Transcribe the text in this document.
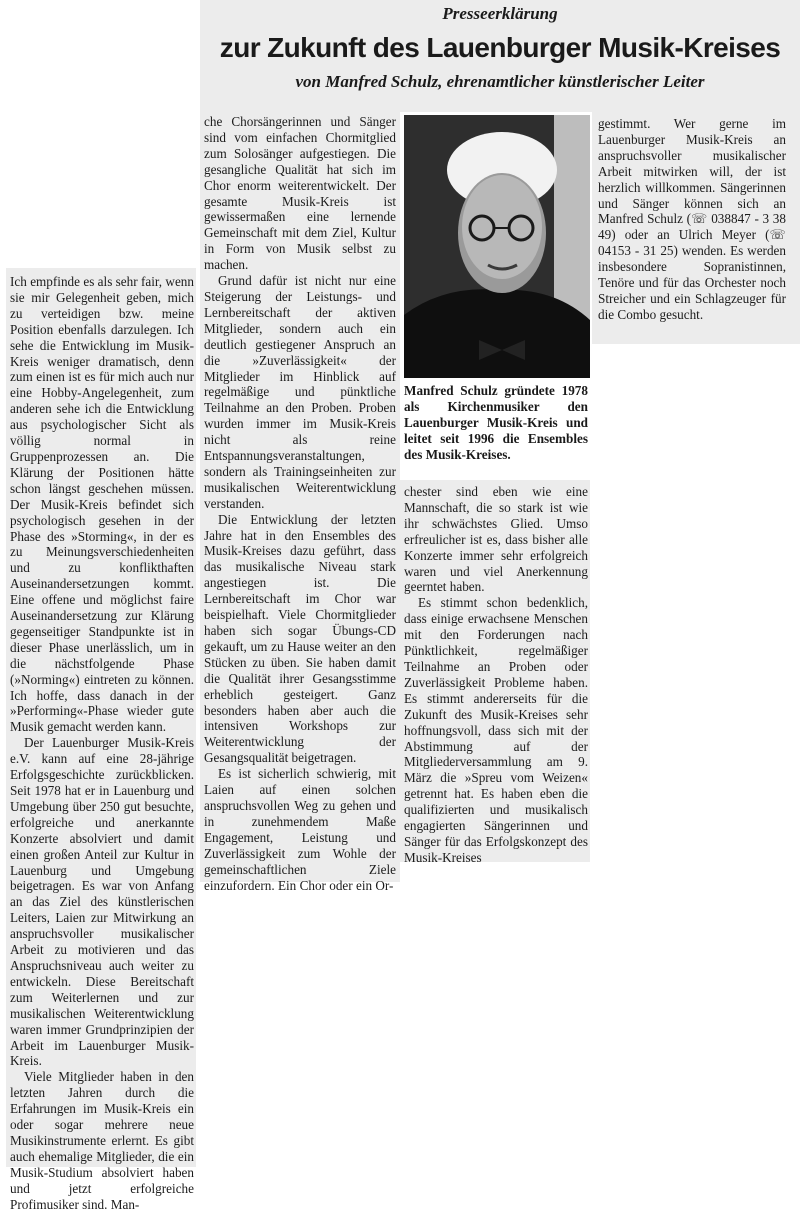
Presseerklärung
zur Zukunft des Lauenburger Musik-Kreises
von Manfred Schulz, ehrenamtlicher künstlerischer Leiter

Ich empfinde es als sehr fair, wenn sie mir Gelegenheit geben, mich zu verteidigen bzw. meine Position ebenfalls darzulegen. Ich sehe die Entwicklung im Musik-Kreis weniger dramatisch, denn zum einen ist es für mich auch nur eine Hobby-Angelegenheit, zum anderen sehe ich die Entwicklung aus psychologischer Sicht als völlig normal in Gruppenprozessen an. Die Klärung der Positionen hätte schon längst geschehen müssen. Der Musik-Kreis befindet sich psychologisch gesehen in der Phase des »Storming«, in der es zu Meinungsverschiedenheiten und zu konflikthaften Auseinandersetzungen kommt. Eine offene und möglichst faire Auseinandersetzung zur Klärung gegenseitiger Standpunkte ist in dieser Phase unerlässlich, um in die nächstfolgende Phase (»Norming«) eintreten zu können. Ich hoffe, dass danach in der »Performing«-Phase wieder gute Musik gemacht werden kann.

Der Lauenburger Musik-Kreis e.V. kann auf eine 28-jährige Erfolgsgeschichte zurückblicken. Seit 1978 hat er in Lauenburg und Umgebung über 250 gut besuchte, erfolgreiche und anerkannte Konzerte absolviert und damit einen großen Anteil zur Kultur in Lauenburg und Umgebung beigetragen. Es war von Anfang an das Ziel des künstlerischen Leiters, Laien zur Mitwirkung an anspruchsvoller musikalischer Arbeit zu motivieren und das Anspruchsniveau auch weiter zu entwickeln. Diese Bereitschaft zum Weiterlernen und zur musikalischen Weiterentwicklung waren immer Grundprinzipien der Arbeit im Lauenburger Musik-Kreis.

Viele Mitglieder haben in den letzten Jahren durch die Erfahrungen im Musik-Kreis ein oder sogar mehrere neue Musikinstrumente erlernt. Es gibt auch ehemalige Mitglieder, die ein Musik-Studium absolviert haben und jetzt erfolgreiche Profimusiker sind. Man-

che Chorsängerinnen und Sänger sind vom einfachen Chormitglied zum Solosänger aufgestiegen. Die gesangliche Qualität hat sich im Chor enorm weiterentwickelt. Der gesamte Musik-Kreis ist gewissermaßen eine lernende Gemeinschaft mit dem Ziel, Kultur in Form von Musik selbst zu machen.

Grund dafür ist nicht nur eine Steigerung der Leistungs- und Lernbereitschaft der aktiven Mitglieder, sondern auch ein deutlich gestiegener Anspruch an die »Zuverlässigkeit« der Mitglieder im Hinblick auf regelmäßige und pünktliche Teilnahme an den Proben. Proben wurden immer im Musik-Kreis nicht als reine Entspannungsveranstaltungen, sondern als Trainingseinheiten zur musikalischen Weiterentwicklung verstanden.

Die Entwicklung der letzten Jahre hat in den Ensembles des Musik-Kreises dazu geführt, dass das musikalische Niveau stark angestiegen ist. Die Lernbereitschaft im Chor war beispielhaft. Viele Chormitglieder haben sich sogar Übungs-CD gekauft, um zu Hause weiter an den Stücken zu üben. Sie haben damit die Qualität ihrer Gesangsstimme erheblich gesteigert. Ganz besonders haben aber auch die intensiven Workshops zur Weiterentwicklung der Gesangsqualität beigetragen.

Es ist sicherlich schwierig, mit Laien auf einen solchen anspruchsvollen Weg zu gehen und in zunehmendem Maße Engagement, Leistung und Zuverlässigkeit zum Wohle der gemeinschaftlichen Ziele einzufordern. Ein Chor oder ein Or-

Manfred Schulz gründete 1978 als Kirchenmusiker den Lauenburger Musik-Kreis und leitet seit 1996 die Ensembles des Musik-Kreises.

chester sind eben wie eine Mannschaft, die so stark ist wie ihr schwächstes Glied. Umso erfreulicher ist es, dass bisher alle Konzerte immer sehr erfolgreich waren und viel Anerkennung geerntet haben.

Es stimmt schon bedenklich, dass einige erwachsene Menschen mit den Forderungen nach Pünktlichkeit, regelmäßiger Teilnahme an Proben oder Zuverlässigkeit Probleme haben. Es stimmt andererseits für die Zukunft des Musik-Kreises sehr hoffnungsvoll, dass sich mit der Abstimmung auf der Mitgliederversammlung am 9. März die »Spreu vom Weizen« getrennt hat. Es haben eben die qualifizierten und musikalisch engagierten Sängerinnen und Sänger für das Erfolgskonzept des Musik-Kreises

gestimmt. Wer gerne im Lauenburger Musik-Kreis an anspruchsvoller musikalischer Arbeit mitwirken will, der ist herzlich willkommen. Sängerinnen und Sänger können sich an Manfred Schulz (☏ 038847 - 3 38 49) oder an Ulrich Meyer (☏ 04153 - 31 25) wenden. Es werden insbesondere Sopranistinnen, Tenöre und für das Orchester noch Streicher und ein Schlagzeuger für die Combo gesucht.
